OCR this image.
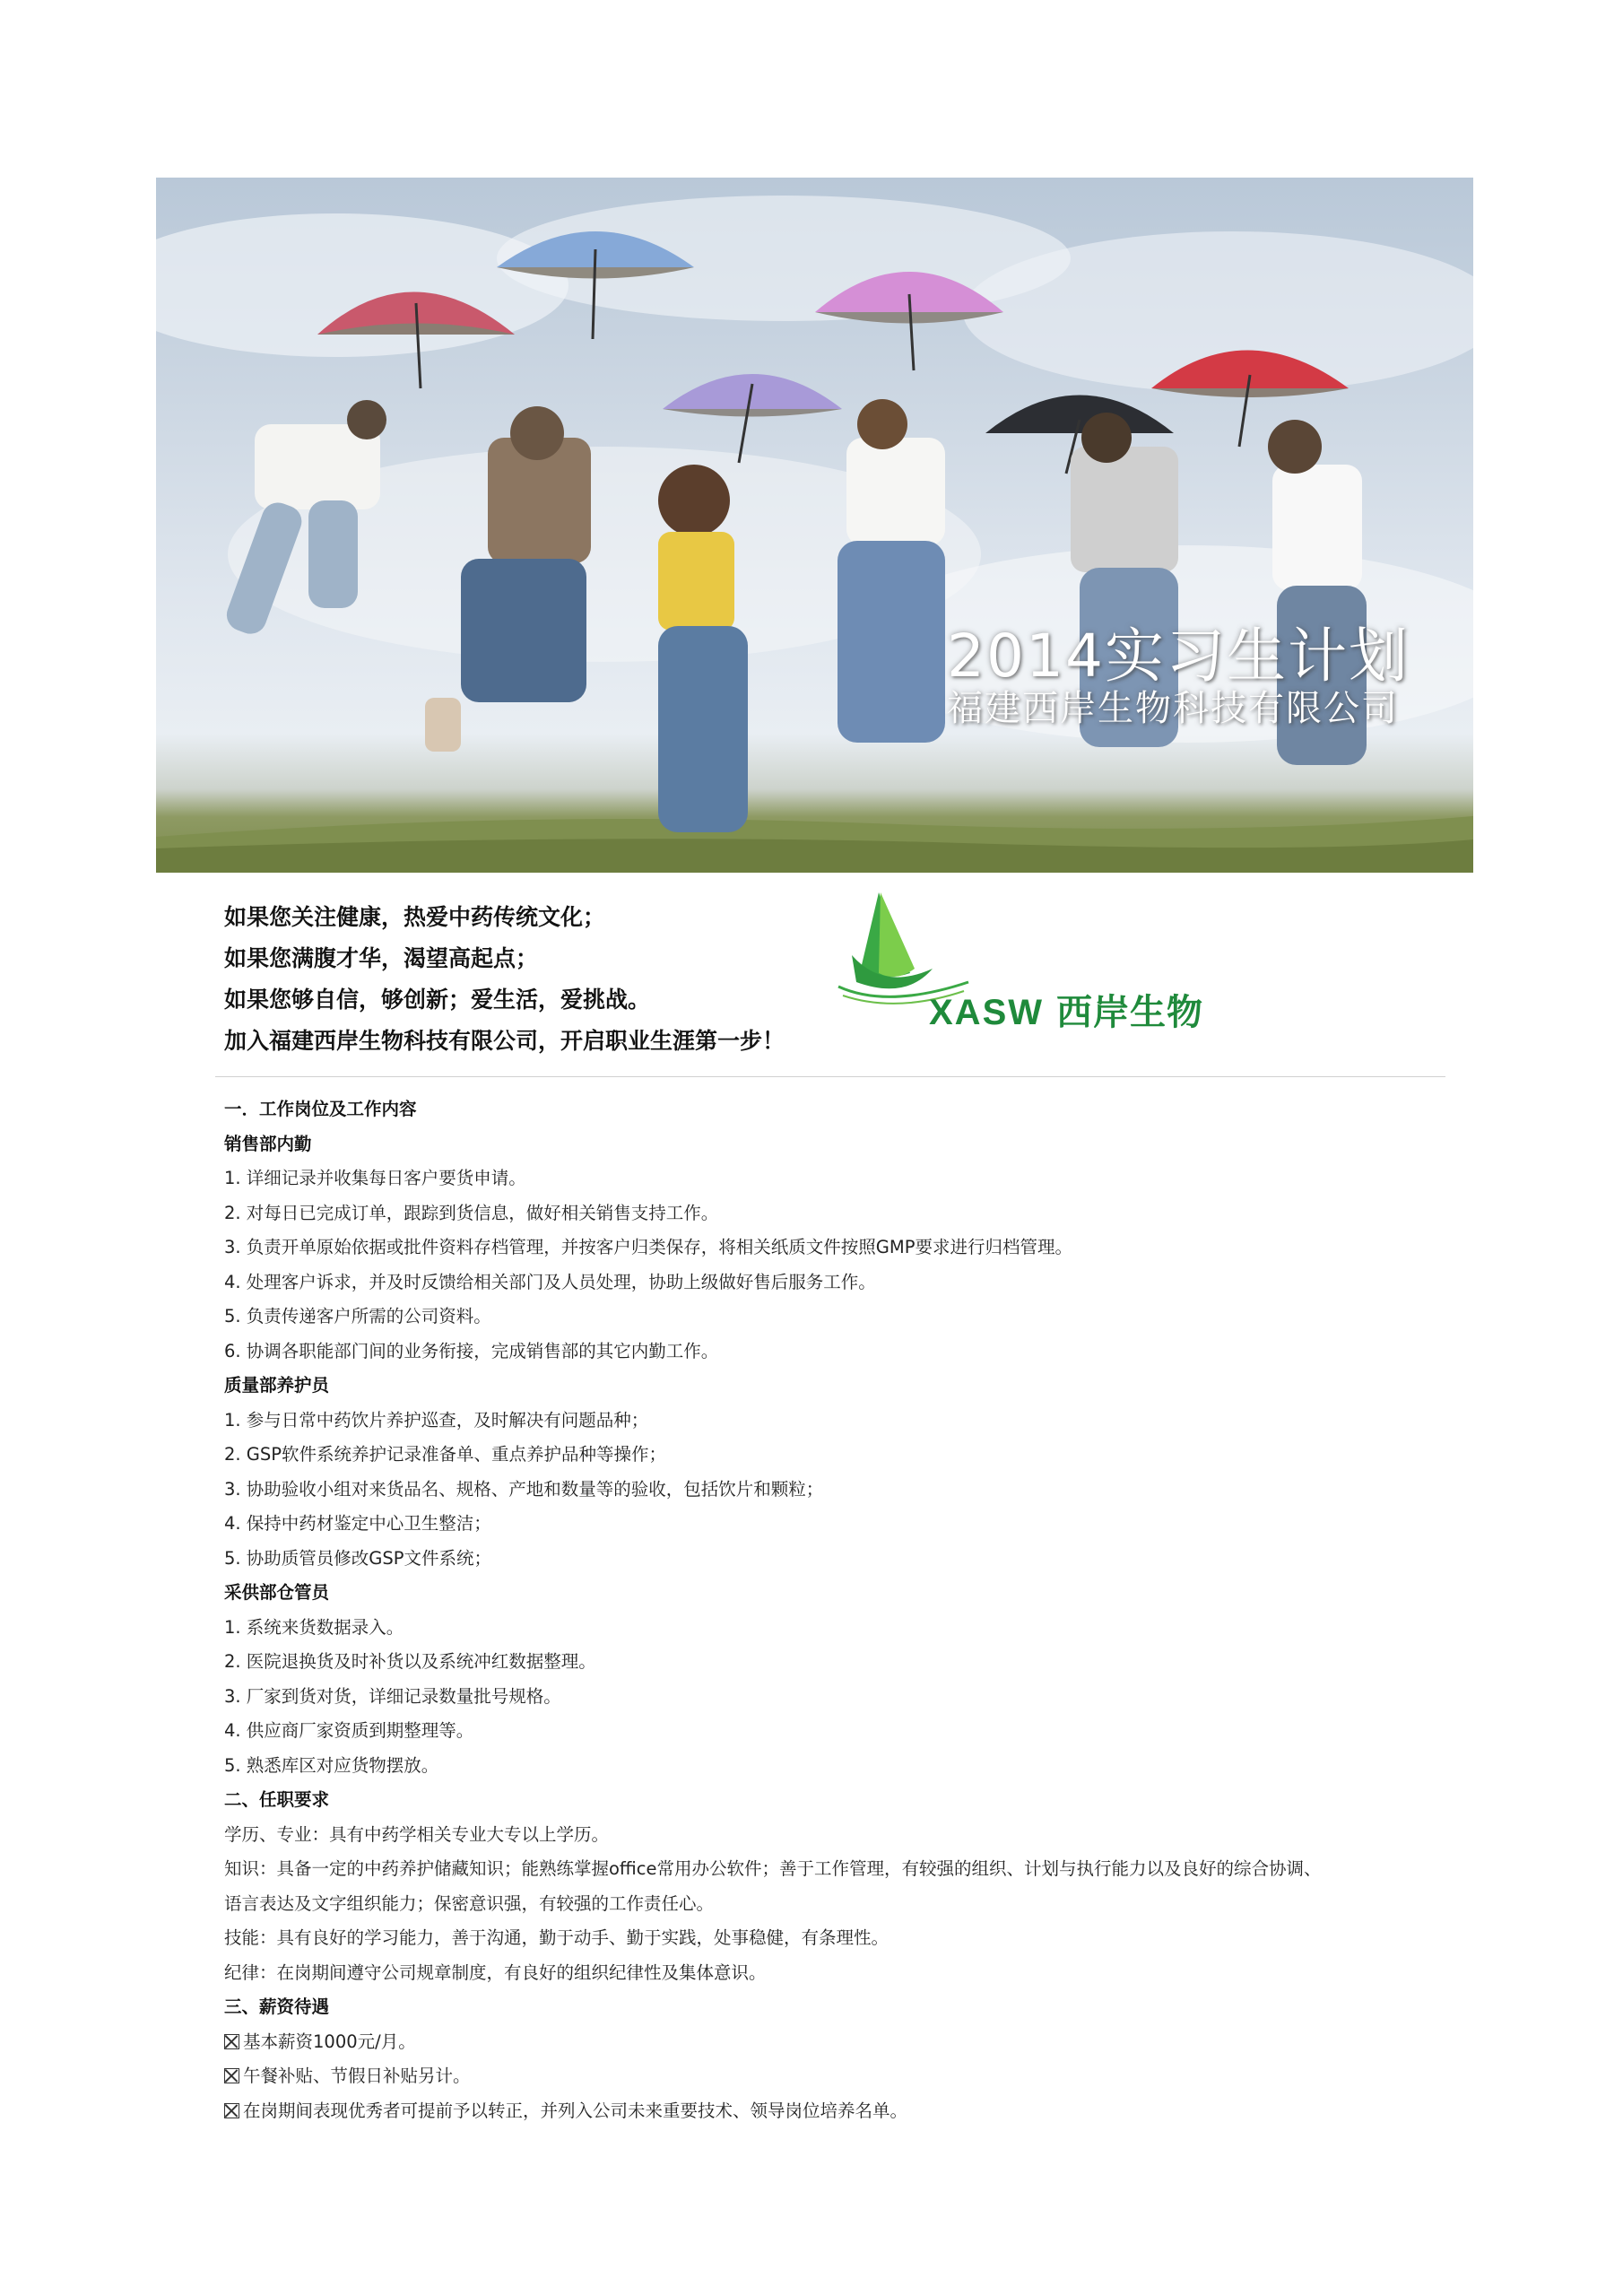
2014实习生计划
福建西岸生物科技有限公司
如果您关注健康，热爱中药传统文化；
如果您满腹才华，渴望高起点；
如果您够自信，够创新；爱生活，爱挑战。
加入福建西岸生物科技有限公司，开启职业生涯第一步！
XASW 西岸生物
一．工作岗位及工作内容
销售部内勤
1. 详细记录并收集每日客户要货申请。
2. 对每日已完成订单，跟踪到货信息，做好相关销售支持工作。
3. 负责开单原始依据或批件资料存档管理，并按客户归类保存，将相关纸质文件按照GMP要求进行归档管理。
4. 处理客户诉求，并及时反馈给相关部门及人员处理，协助上级做好售后服务工作。
5. 负责传递客户所需的公司资料。
6. 协调各职能部门间的业务衔接，完成销售部的其它内勤工作。
质量部养护员
1. 参与日常中药饮片养护巡查，及时解决有问题品种；
2. GSP软件系统养护记录准备单、重点养护品种等操作；
3. 协助验收小组对来货品名、规格、产地和数量等的验收，包括饮片和颗粒；
4. 保持中药材鉴定中心卫生整洁；
5. 协助质管员修改GSP文件系统；
采供部仓管员
1. 系统来货数据录入。
2. 医院退换货及时补货以及系统冲红数据整理。
3. 厂家到货对货，详细记录数量批号规格。
4. 供应商厂家资质到期整理等。
5. 熟悉库区对应货物摆放。
二、任职要求
学历、专业：具有中药学相关专业大专以上学历。
知识：具备一定的中药养护储藏知识；能熟练掌握office常用办公软件；善于工作管理，有较强的组织、计划与执行能力以及良好的综合协调、
语言表达及文字组织能力；保密意识强，有较强的工作责任心。
技能：具有良好的学习能力，善于沟通，勤于动手、勤于实践，处事稳健，有条理性。
纪律：在岗期间遵守公司规章制度，有良好的组织纪律性及集体意识。
三、薪资待遇
基本薪资1000元/月。
午餐补贴、节假日补贴另计。
在岗期间表现优秀者可提前予以转正，并列入公司未来重要技术、领导岗位培养名单。
